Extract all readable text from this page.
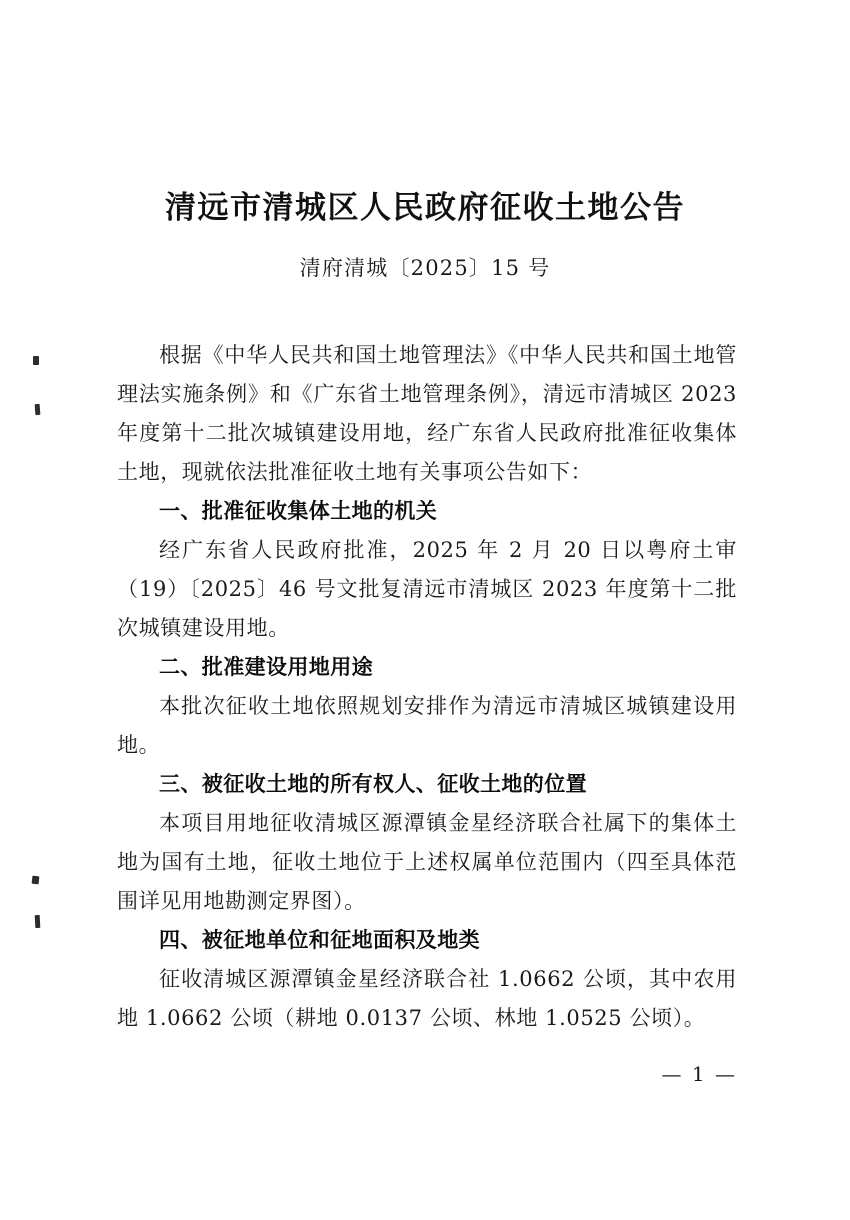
清远市清城区人民政府征收土地公告
清府清城〔2025〕15 号

根据《中华人民共和国土地管理法》《中华人民共和国土地管理法实施条例》和《广东省土地管理条例》，清远市清城区 2023 年度第十二批次城镇建设用地，经广东省人民政府批准征收集体土地，现就依法批准征收土地有关事项公告如下：

一、批准征收集体土地的机关

经广东省人民政府批准，2025 年 2 月 20 日以粤府土审（19）〔2025〕46 号文批复清远市清城区 2023 年度第十二批次城镇建设用地。

二、批准建设用地用途

本批次征收土地依照规划安排作为清远市清城区城镇建设用地。

三、被征收土地的所有权人、征收土地的位置

本项目用地征收清城区源潭镇金星经济联合社属下的集体土地为国有土地，征收土地位于上述权属单位范围内（四至具体范围详见用地勘测定界图）。

四、被征地单位和征地面积及地类

征收清城区源潭镇金星经济联合社 1.0662 公顷，其中农用地 1.0662 公顷（耕地 0.0137 公顷、林地 1.0525 公顷）。

— 1 —
